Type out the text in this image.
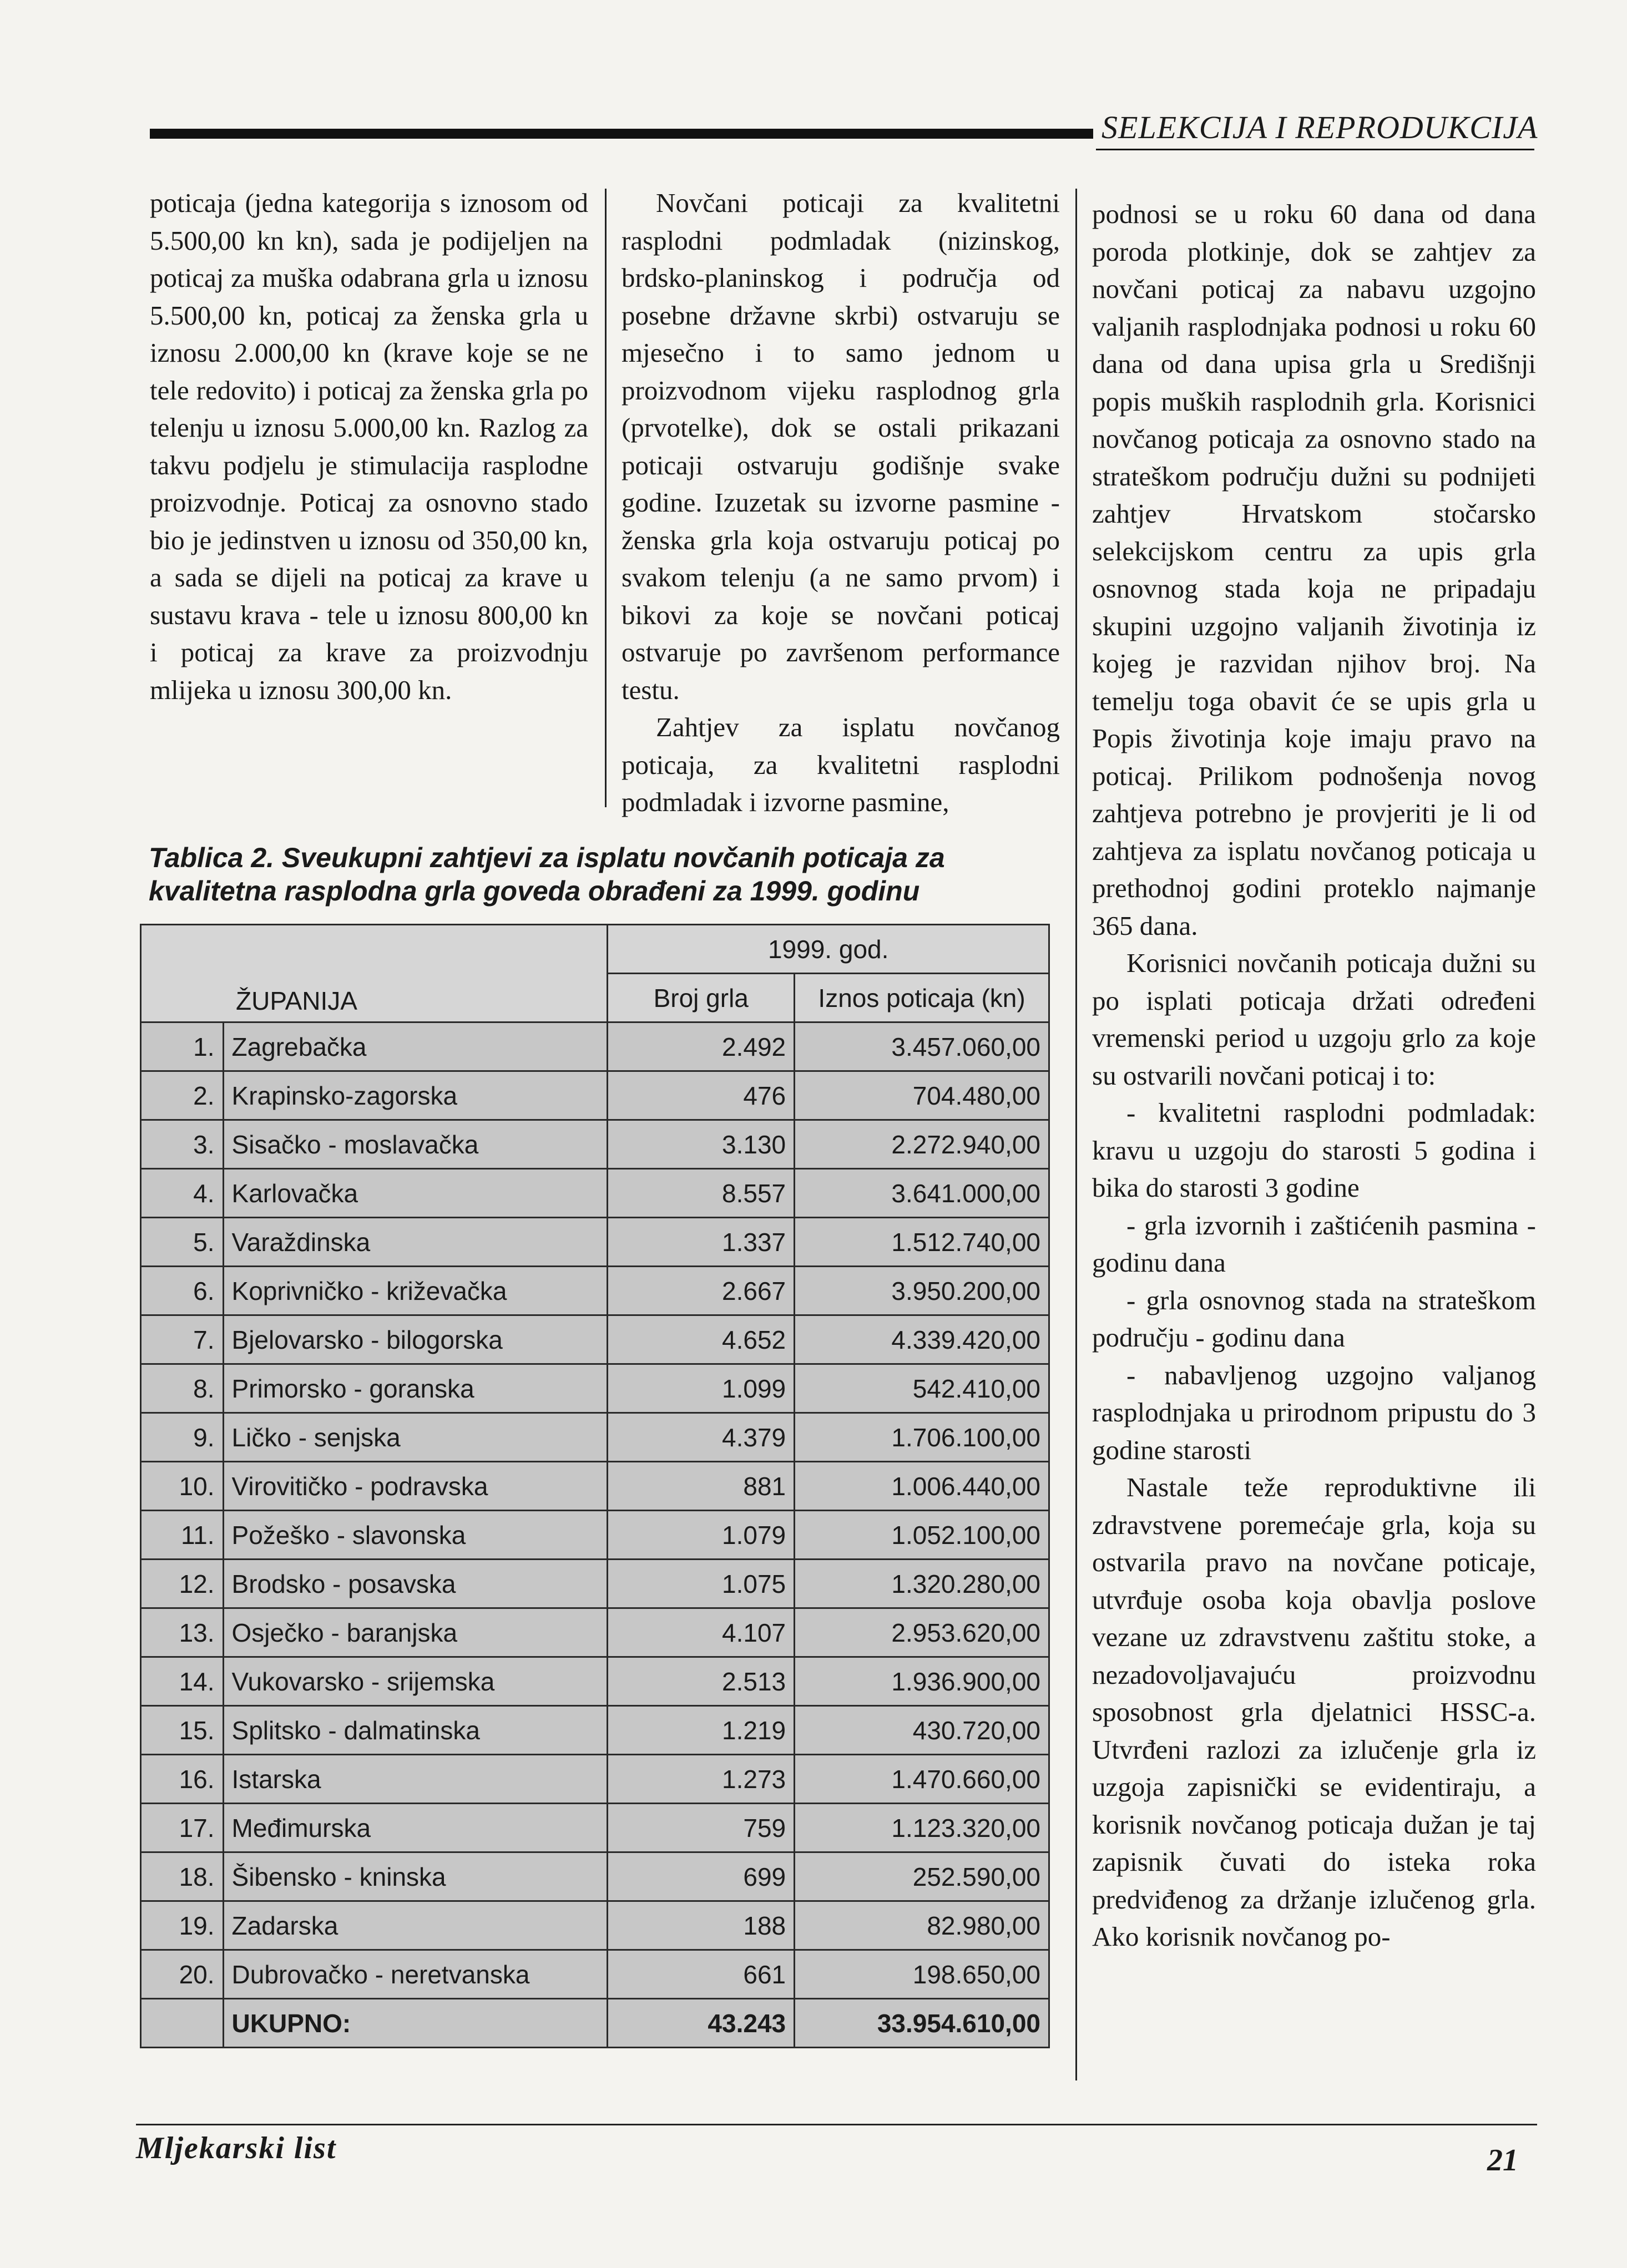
SELEKCIJA I REPRODUKCIJA

poticaja (jedna kategorija s iznosom od 5.500,00 kn kn), sada je podijeljen na poticaj za muška odabrana grla u iznosu 5.500,00 kn, poticaj za ženska grla u iznosu 2.000,00 kn (krave koje se ne tele redovito) i poticaj za ženska grla po telenju u iznosu 5.000,00 kn. Razlog za takvu podjelu je stimulacija rasplodne proizvodnje. Poticaj za osnovno stado bio je jedinstven u iznosu od 350,00 kn, a sada se dijeli na poticaj za krave u sustavu krava - tele u iznosu 800,00 kn i poticaj za krave za proizvodnju mlijeka u iznosu 300,00 kn.

Novčani poticaji za kvalitetni rasplodni podmladak (nizinskog, brdsko-planinskog i područja od posebne državne skrbi) ostvaruju se mjesečno i to samo jednom u proizvodnom vijeku rasplodnog grla (prvotelke), dok se ostali prikazani poticaji ostvaruju godišnje svake godine. Izuzetak su izvorne pasmine - ženska grla koja ostvaruju poticaj po svakom telenju (a ne samo prvom) i bikovi za koje se novčani poticaj ostvaruje po završenom performance testu.

Zahtjev za isplatu novčanog poticaja, za kvalitetni rasplodni podmladak i izvorne pasmine,

podnosi se u roku 60 dana od dana poroda plotkinje, dok se zahtjev za novčani poticaj za nabavu uzgojno valjanih rasplodnjaka podnosi u roku 60 dana od dana upisa grla u Središnji popis muških rasplodnih grla. Korisnici novčanog poticaja za osnovno stado na strateškom području dužni su podnijeti zahtjev Hrvatskom stočarsko selekcijskom centru za upis grla osnovnog stada koja ne pripadaju skupini uzgojno valjanih životinja iz kojeg je razvidan njihov broj. Na temelju toga obavit će se upis grla u Popis životinja koje imaju pravo na poticaj. Prilikom podnošenja novog zahtjeva potrebno je provjeriti je li od zahtjeva za isplatu novčanog poticaja u prethodnoj godini proteklo najmanje 365 dana.

Korisnici novčanih poticaja dužni su po isplati poticaja držati određeni vremenski period u uzgoju grlo za koje su ostvarili novčani poticaj i to:

- kvalitetni rasplodni podmladak: kravu u uzgoju do starosti 5 godina i bika do starosti 3 godine

- grla izvornih i zaštićenih pasmina - godinu dana

- grla osnovnog stada na strateškom području - godinu dana

- nabavljenog uzgojno valjanog rasplodnjaka u prirodnom pripustu do 3 godine starosti

Nastale teže reproduktivne ili zdravstvene poremećaje grla, koja su ostvarila pravo na novčane poticaje, utvrđuje osoba koja obavlja poslove vezane uz zdravstvenu zaštitu stoke, a nezadovoljavajuću proizvodnu sposobnost grla djelatnici HSSC-a. Utvrđeni razlozi za izlučenje grla iz uzgoja zapisnički se evidentiraju, a korisnik novčanog poticaja dužan je taj zapisnik čuvati do isteka roka predviđenog za držanje izlučenog grla. Ako korisnik novčanog po-

Tablica 2. Sveukupni zahtjevi za isplatu novčanih poticaja za kvalitetna rasplodna grla goveda obrađeni za 1999. godinu
ŽUPANIJA		1999. god.	
		Broj grla	Iznos poticaja (kn)
1.	Zagrebačka	2.492	3.457.060,00
2.	Krapinsko-zagorska	476	704.480,00
3.	Sisačko - moslavačka	3.130	2.272.940,00
4.	Karlovačka	8.557	3.641.000,00
5.	Varaždinska	1.337	1.512.740,00
6.	Koprivničko - križevačka	2.667	3.950.200,00
7.	Bjelovarsko - bilogorska	4.652	4.339.420,00
8.	Primorsko - goranska	1.099	542.410,00
9.	Ličko - senjska	4.379	1.706.100,00
10.	Virovitičko - podravska	881	1.006.440,00
11.	Požeško - slavonska	1.079	1.052.100,00
12.	Brodsko - posavska	1.075	1.320.280,00
13.	Osječko - baranjska	4.107	2.953.620,00
14.	Vukovarsko - srijemska	2.513	1.936.900,00
15.	Splitsko - dalmatinska	1.219	430.720,00
16.	Istarska	1.273	1.470.660,00
17.	Međimurska	759	1.123.320,00
18.	Šibensko - kninska	699	252.590,00
19.	Zadarska	188	82.980,00
20.	Dubrovačko - neretvanska	661	198.650,00
	UKUPNO:	43.243	33.954.610,00
Mljekarski list	21
